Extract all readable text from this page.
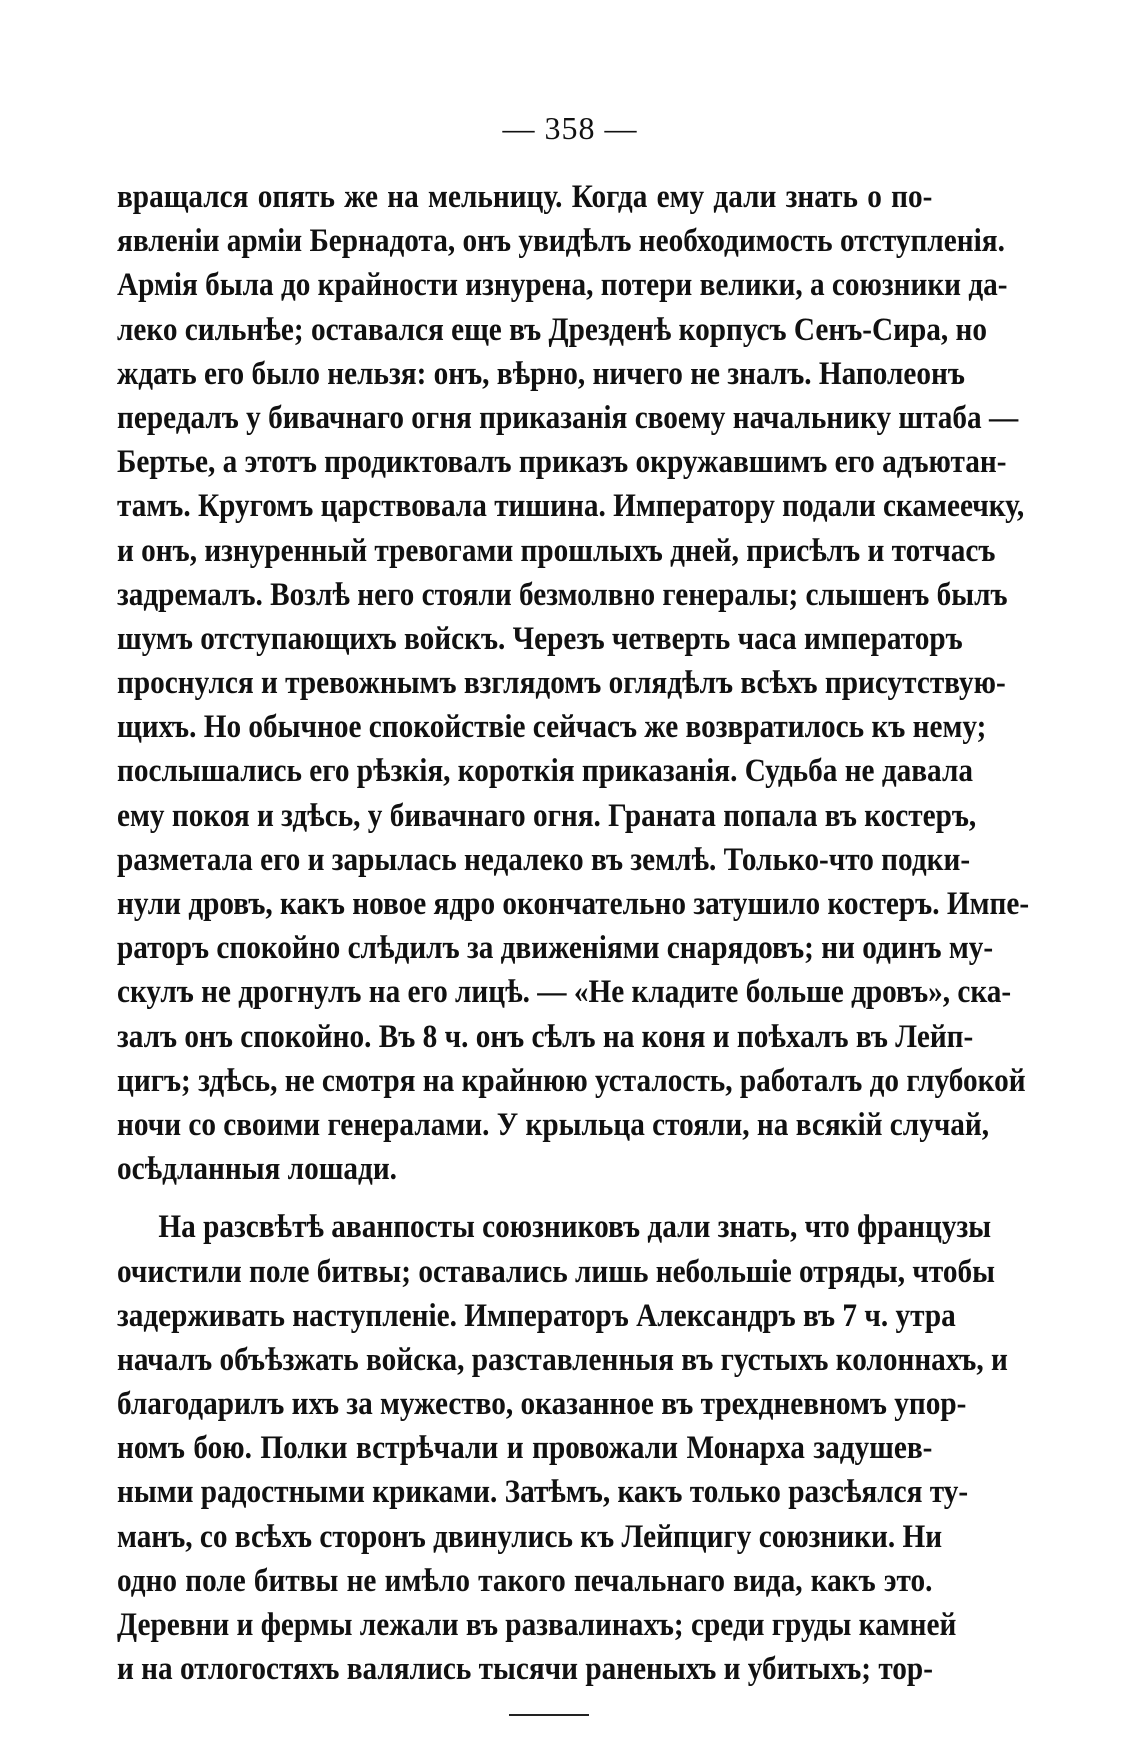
— 358 —
вращался опять же на мельницу. Когда ему дали знать о по-
явленіи арміи Бернадота, онъ увидѣлъ необходимость отступленія.
Армія была до крайности изнурена, потери велики, а союзники да-
леко сильнѣе; оставался еще въ Дрезденѣ корпусъ Сенъ-Сира, но
ждать его было нельзя: онъ, вѣрно, ничего не зналъ. Наполеонъ
передалъ у бивачнаго огня приказанія своему начальнику штаба —
Бертье, а этотъ продиктовалъ приказъ окружавшимъ его адъютан-
тамъ. Кругомъ царствовала тишина. Императору подали скамеечку,
и онъ, изнуренный тревогами прошлыхъ дней, присѣлъ и тотчасъ
задремалъ. Возлѣ него стояли безмолвно генералы; слышенъ былъ
шумъ отступающихъ войскъ. Черезъ четверть часа императоръ
проснулся и тревожнымъ взглядомъ оглядѣлъ всѣхъ присутствую-
щихъ. Но обычное спокойствіе сейчасъ же возвратилось къ нему;
послышались его рѣзкія, короткія приказанія. Судьба не давала
ему покоя и здѣсь, у бивачнаго огня. Граната попала въ костеръ,
разметала его и зарылась недалеко въ землѣ. Только-что подки-
нули дровъ, какъ новое ядро окончательно затушило костеръ. Импе-
раторъ спокойно слѣдилъ за движеніями снарядовъ; ни одинъ му-
скулъ не дрогнулъ на его лицѣ. — «Не кладите больше дровъ», ска-
залъ онъ спокойно. Въ 8 ч. онъ сѣлъ на коня и поѣхалъ въ Лейп-
цигъ; здѣсь, не смотря на крайнюю усталость, работалъ до глубокой
ночи со своими генералами. У крыльца стояли, на всякій случай,
осѣдланныя лошади.
На разсвѣтѣ аванпосты союзниковъ дали знать, что французы
очистили поле битвы; оставались лишь небольшіе отряды, чтобы
задерживать наступленіе. Императоръ Александръ въ 7 ч. утра
началъ объѣзжать войска, разставленныя въ густыхъ колоннахъ, и
благодарилъ ихъ за мужество, оказанное въ трехдневномъ упор-
номъ бою. Полки встрѣчали и провожали Монарха задушев-
ными радостными криками. Затѣмъ, какъ только разсѣялся ту-
манъ, со всѣхъ сторонъ двинулись къ Лейпцигу союзники. Ни
одно поле битвы не имѣло такого печальнаго вида, какъ это.
Деревни и фермы лежали въ развалинахъ; среди груды камней
и на отлогостяхъ валялись тысячи раненыхъ и убитыхъ; тор-
